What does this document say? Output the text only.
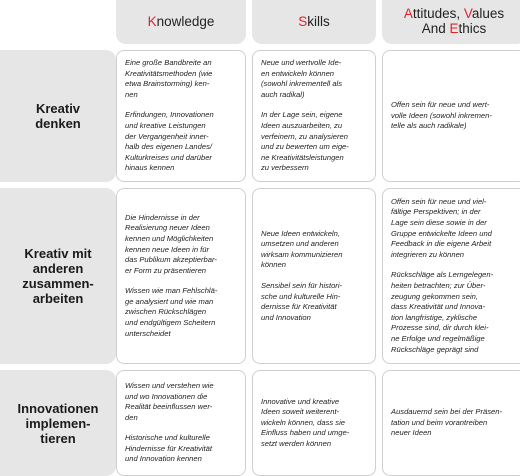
Knowledge	Skills	Attitudes, Values
And Ethics
Kreativ
denken

Eine große Bandbreite an
Kreativitätsmethoden (wie
etwa Brainstorming) ken-
nen

Erfindungen, Innovationen
und kreative Leistungen
der Vergangenheit inner-
halb des eigenen Landes/
Kulturkreises und darüber
hinaus kennen

Neue und wertvolle Ide-
en entwickeln können
(sowohl inkrementell als
auch radikal)

In der Lage sein, eigene
Ideen auszuarbeiten, zu
verfeinern, zu analysieren
und zu bewerten um eige-
ne Kreativitätsleistungen
zu verbessern

Offen sein für neue und wert-
volle Ideen (sowohl inkremen-
telle als auch radikale)

Kreativ mit
anderen
zusammen-
arbeiten

Die Hindernisse in der
Realisierung neuer Ideen
kennen und Möglichkeiten
kennen neue Ideen in für
das Publikum akzeptierbar-
er Form zu präsentieren

Wissen wie man Fehlschlä-
ge analysiert und wie man
zwischen Rückschlägen
und endgültigem Scheitern
unterscheidet

Neue Ideen entwickeln,
umsetzen und anderen
wirksam kommunizieren
können

Sensibel sein für histori-
sche und kulturelle Hin-
dernisse für Kreativität
und Innovation

Offen sein für neue und viel-
fältige Perspektiven; in der
Lage sein diese sowie in der
Gruppe entwickelte Ideen und
Feedback in die eigene Arbeit
integrieren zu können

Rückschläge als Lerngelegen-
heiten betrachten; zur Über-
zeugung gekommen sein,
dass Kreativität und Innova-
tion langfristige, zyklische
Prozesse sind, dir durch klei-
ne Erfolge und regelmäßige
Rückschläge geprägt sind

Innovationen
implemen-
tieren

Wissen und verstehen wie
und wo Innovationen die
Realität beeinflussen wer-
den

Historische und kulturelle
Hindernisse für Kreativität
und Innovation kennen

Innovative und kreative
Ideen soweit weiterent-
wickeln können, dass sie
Einfluss haben und umge-
setzt werden können

Ausdauernd sein bei der Präsen-
tation und beim vorantreiben
neuer Ideen
